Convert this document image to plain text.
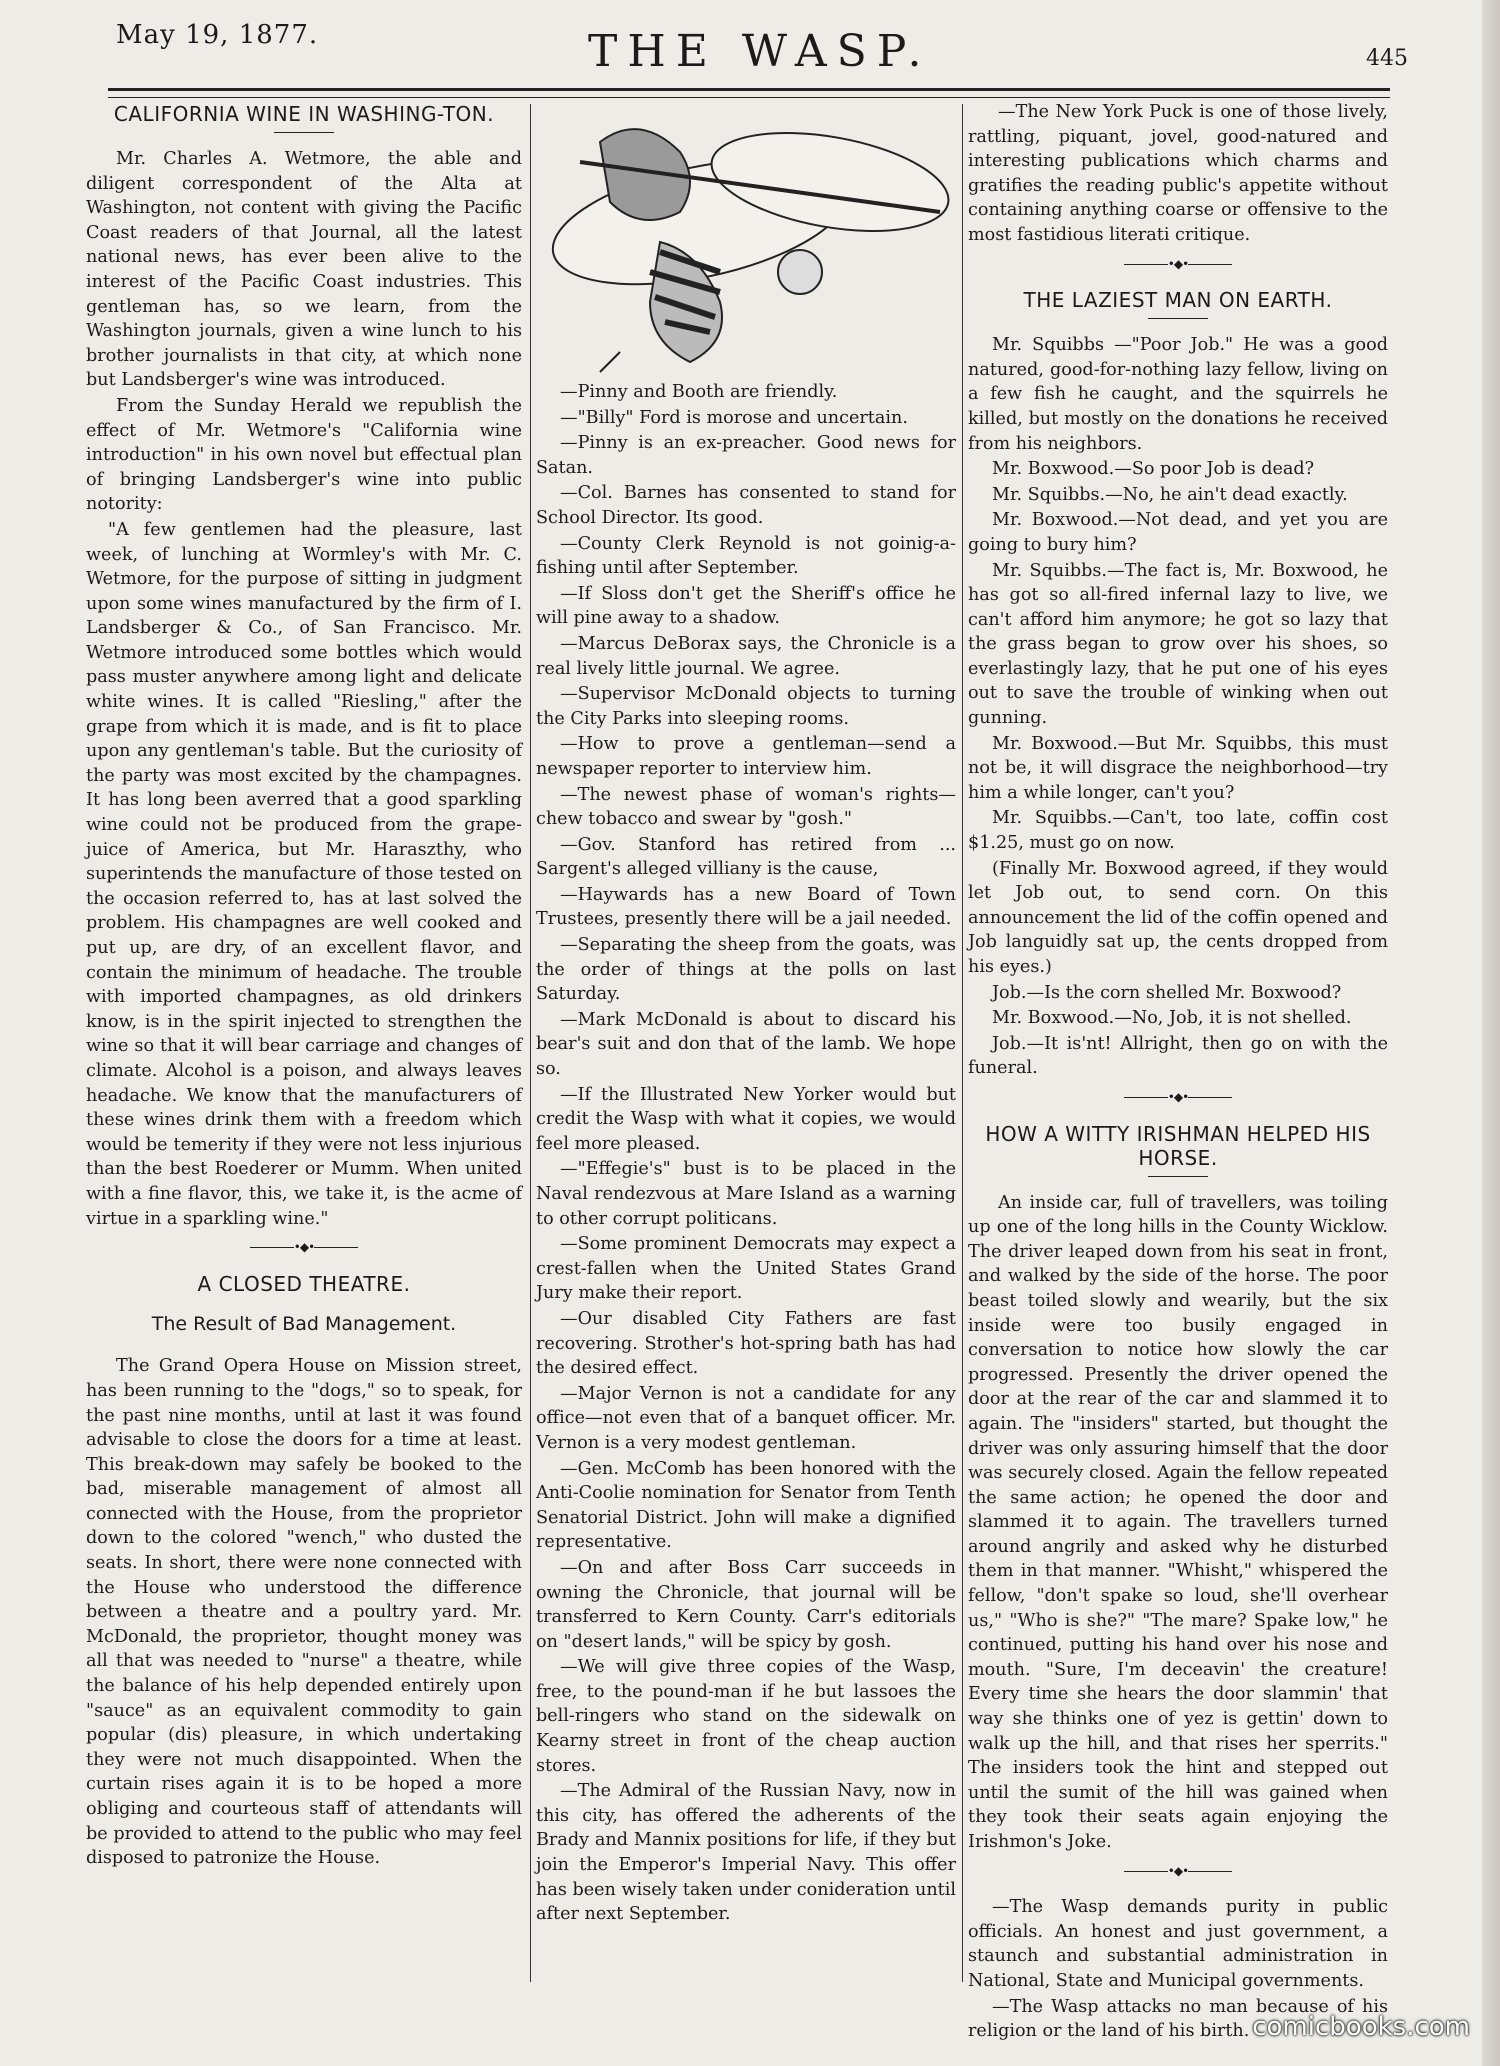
May 19, 1877.	THE WASP.	445
CALIFORNIA WINE IN WASHING-TON.

Mr. Charles A. Wetmore, the able and diligent correspondent of the Alta at Washington, not content with giving the Pacific Coast readers of that Journal, all the latest national news, has ever been alive to the interest of the Pacific Coast industries. This gentleman has, so we learn, from the Washington journals, given a wine lunch to his brother journalists in that city, at which none but Landsberger's wine was introduced.

From the Sunday Herald we republish the effect of Mr. Wetmore's "California wine introduction" in his own novel but effectual plan of bringing Landsberger's wine into public notority:

"A few gentlemen had the pleasure, last week, of lunching at Wormley's with Mr. C. Wetmore, for the purpose of sitting in judgment upon some wines manufactured by the firm of I. Landsberger & Co., of San Francisco. Mr. Wetmore introduced some bottles which would pass muster anywhere among light and delicate white wines. It is called "Riesling," after the grape from which it is made, and is fit to place upon any gentleman's table. But the curiosity of the party was most excited by the champagnes. It has long been averred that a good sparkling wine could not be produced from the grape-juice of America, but Mr. Haraszthy, who superintends the manufacture of those tested on the occasion referred to, has at last solved the problem. His champagnes are well cooked and put up, are dry, of an excellent flavor, and contain the minimum of headache. The trouble with imported champagnes, as old drinkers know, is in the spirit injected to strengthen the wine so that it will bear carriage and changes of climate. Alcohol is a poison, and always leaves headache. We know that the manufacturers of these wines drink them with a freedom which would be temerity if they were not less injurious than the best Roederer or Mumm. When united with a fine flavor, this, we take it, is the acme of virtue in a sparkling wine."

•◆•
A CLOSED THEATRE.
The Result of Bad Management.

The Grand Opera House on Mission street, has been running to the "dogs," so to speak, for the past nine months, until at last it was found advisable to close the doors for a time at least. This break-down may safely be booked to the bad, miserable management of almost all connected with the House, from the proprietor down to the colored "wench," who dusted the seats. In short, there were none connected with the House who understood the difference between a theatre and a poultry yard. Mr. McDonald, the proprietor, thought money was all that was needed to "nurse" a theatre, while the balance of his help depended entirely upon "sauce" as an equivalent commodity to gain popular (dis) pleasure, in which undertaking they were not much disappointed. When the curtain rises again it is to be hoped a more obliging and courteous staff of attendants will be provided to attend to the public who may feel disposed to patronize the House.

—Pinny and Booth are friendly.

—"Billy" Ford is morose and uncertain.

—Pinny is an ex-preacher. Good news for Satan.

—Col. Barnes has consented to stand for School Director. Its good.

—County Clerk Reynold is not goinig-a-fishing until after September.

—If Sloss don't get the Sheriff's office he will pine away to a shadow.

—Marcus DeBorax says, the Chronicle is a real lively little journal. We agree.

—Supervisor McDonald objects to turning the City Parks into sleeping rooms.

—How to prove a gentleman—send a newspaper reporter to interview him.

—The newest phase of woman's rights—chew tobacco and swear by "gosh."

—Gov. Stanford has retired from ... Sargent's alleged villiany is the cause,

—Haywards has a new Board of Town Trustees, presently there will be a jail needed.

—Separating the sheep from the goats, was the order of things at the polls on last Saturday.

—Mark McDonald is about to discard his bear's suit and don that of the lamb. We hope so.

—If the Illustrated New Yorker would but credit the Wasp with what it copies, we would feel more pleased.

—"Effegie's" bust is to be placed in the Naval rendezvous at Mare Island as a warning to other corrupt politicans.

—Some prominent Democrats may expect a crest-fallen when the United States Grand Jury make their report.

—Our disabled City Fathers are fast recovering. Strother's hot-spring bath has had the desired effect.

—Major Vernon is not a candidate for any office—not even that of a banquet officer. Mr. Vernon is a very modest gentleman.

—Gen. McComb has been honored with the Anti-Coolie nomination for Senator from Tenth Senatorial District. John will make a dignified representative.

—On and after Boss Carr succeeds in owning the Chronicle, that journal will be transferred to Kern County. Carr's editorials on "desert lands," will be spicy by gosh.

—We will give three copies of the Wasp, free, to the pound-man if he but lassoes the bell-ringers who stand on the sidewalk on Kearny street in front of the cheap auction stores.

—The Admiral of the Russian Navy, now in this city, has offered the adherents of the Brady and Mannix positions for life, if they but join the Emperor's Imperial Navy. This offer has been wisely taken under conideration until after next September.

—The New York Puck is one of those lively, rattling, piquant, jovel, good-natured and interesting publications which charms and gratifies the reading public's appetite without containing anything coarse or offensive to the most fastidious literati critique.

•◆•
THE LAZIEST MAN ON EARTH.

Mr. Squibbs —"Poor Job." He was a good natured, good-for-nothing lazy fellow, living on a few fish he caught, and the squirrels he killed, but mostly on the donations he received from his neighbors.

Mr. Boxwood.—So poor Job is dead?

Mr. Squibbs.—No, he ain't dead exactly.

Mr. Boxwood.—Not dead, and yet you are going to bury him?

Mr. Squibbs.—The fact is, Mr. Boxwood, he has got so all-fired infernal lazy to live, we can't afford him anymore; he got so lazy that the grass began to grow over his shoes, so everlastingly lazy, that he put one of his eyes out to save the trouble of winking when out gunning.

Mr. Boxwood.—But Mr. Squibbs, this must not be, it will disgrace the neighborhood—try him a while longer, can't you?

Mr. Squibbs.—Can't, too late, coffin cost $1.25, must go on now.

(Finally Mr. Boxwood agreed, if they would let Job out, to send corn. On this announcement the lid of the coffin opened and Job languidly sat up, the cents dropped from his eyes.)

Job.—Is the corn shelled Mr. Boxwood?

Mr. Boxwood.—No, Job, it is not shelled.

Job.—It is'nt! Allright, then go on with the funeral.

•◆•
HOW A WITTY IRISHMAN HELPED HIS HORSE.

An inside car, full of travellers, was toiling up one of the long hills in the County Wicklow. The driver leaped down from his seat in front, and walked by the side of the horse. The poor beast toiled slowly and wearily, but the six inside were too busily engaged in conversation to notice how slowly the car progressed. Presently the driver opened the door at the rear of the car and slammed it to again. The "insiders" started, but thought the driver was only assuring himself that the door was securely closed. Again the fellow repeated the same action; he opened the door and slammed it to again. The travellers turned around angrily and asked why he disturbed them in that manner. "Whisht," whispered the fellow, "don't spake so loud, she'll overhear us," "Who is she?" "The mare? Spake low," he continued, putting his hand over his nose and mouth. "Sure, I'm deceavin' the creature! Every time she hears the door slammin' that way she thinks one of yez is gettin' down to walk up the hill, and that rises her sperrits." The insiders took the hint and stepped out until the sumit of the hill was gained when they took their seats again enjoying the Irishmon's Joke.

•◆•

—The Wasp demands purity in public officials. An honest and just government, a staunch and substantial administration in National, State and Municipal governments.

—The Wasp attacks no man because of his religion or the land of his birth. comicbooks.com
